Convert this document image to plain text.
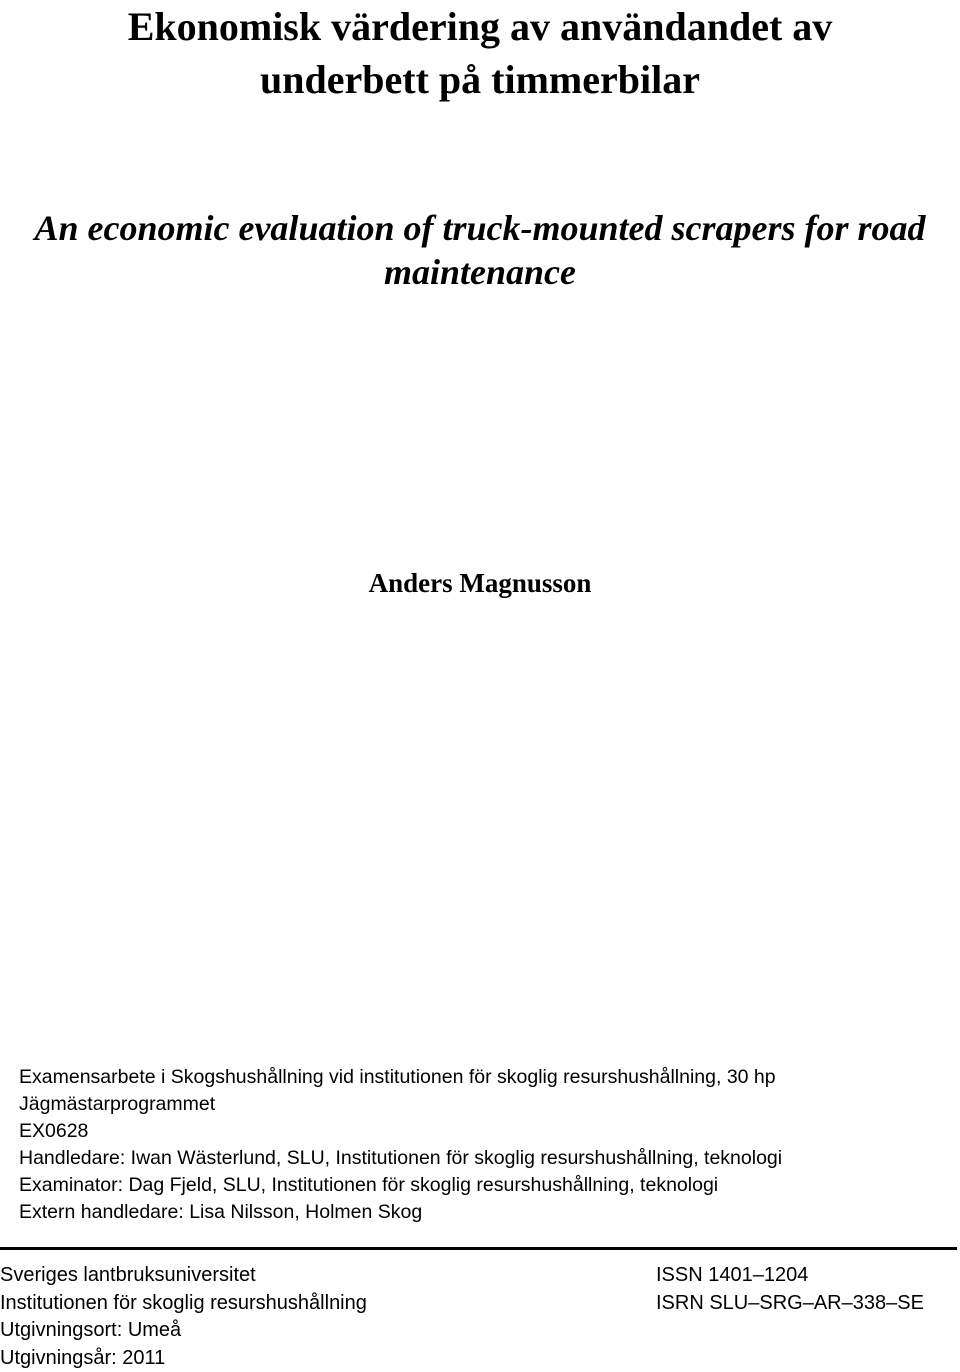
Ekonomisk värdering av användandet av
underbett på timmerbilar
An economic evaluation of truck-mounted scrapers for road
maintenance
Anders Magnusson
Examensarbete i Skogshushållning vid institutionen för skoglig resurshushållning, 30 hp
Jägmästarprogrammet
EX0628
Handledare: Iwan Wästerlund, SLU, Institutionen för skoglig resurshushållning, teknologi
Examinator: Dag Fjeld, SLU, Institutionen för skoglig resurshushållning, teknologi
Extern handledare: Lisa Nilsson, Holmen Skog
Sveriges lantbruksuniversitet
Institutionen för skoglig resurshushållning
Utgivningsort: Umeå
Utgivningsår: 2011
ISSN 1401–1204
ISRN SLU–SRG–AR–338–SE
